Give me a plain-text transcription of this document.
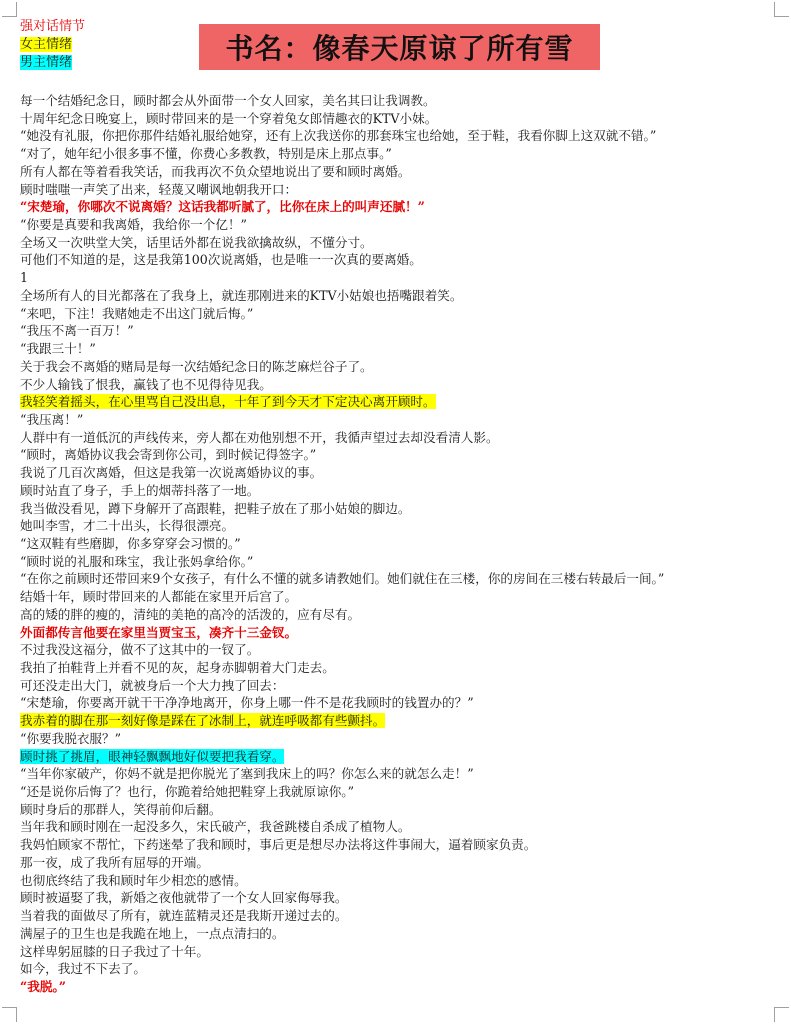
强对话情节
女主情绪
男主情绪	书名：像春天原谅了所有雪
每一个结婚纪念日，顾时都会从外面带一个女人回家，美名其曰让我调教。
十周年纪念日晚宴上，顾时带回来的是一个穿着兔女郎情趣衣的KTV小妹。
“她没有礼服，你把你那件结婚礼服给她穿，还有上次我送你的那套珠宝也给她，至于鞋，我看你脚上这双就不错。”
“对了，她年纪小很多事不懂，你费心多教教，特别是床上那点事。”
所有人都在等着看我笑话，而我再次不负众望地说出了要和顾时离婚。
顾时嗤嗤一声笑了出来，轻蔑又嘲讽地朝我开口：
“宋楚瑜，你哪次不说离婚？这话我都听腻了，比你在床上的叫声还腻！”
“你要是真要和我离婚，我给你一个亿！”
全场又一次哄堂大笑，话里话外都在说我欲擒故纵，不懂分寸。
可他们不知道的是，这是我第100次说离婚，也是唯一一次真的要离婚。
1
全场所有人的目光都落在了我身上，就连那刚进来的KTV小姑娘也捂嘴跟着笑。
“来吧，下注！我赌她走不出这门就后悔。”
“我压不离一百万！”
“我跟三十！”
关于我会不离婚的赌局是每一次结婚纪念日的陈芝麻烂谷子了。
不少人输钱了恨我，赢钱了也不见得待见我。
我轻笑着摇头，在心里骂自己没出息，十年了到今天才下定决心离开顾时。
“我压离！”
人群中有一道低沉的声线传来，旁人都在劝他别想不开，我循声望过去却没看清人影。
“顾时，离婚协议我会寄到你公司，到时候记得签字。”
我说了几百次离婚，但这是我第一次说离婚协议的事。
顾时站直了身子，手上的烟蒂抖落了一地。
我当做没看见，蹲下身解开了高跟鞋，把鞋子放在了那小姑娘的脚边。
她叫李雪，才二十出头，长得很漂亮。
“这双鞋有些磨脚，你多穿穿会习惯的。”
“顾时说的礼服和珠宝，我让张妈拿给你。”
“在你之前顾时还带回来9个女孩子，有什么不懂的就多请教她们。她们就住在三楼，你的房间在三楼右转最后一间。”
结婚十年，顾时带回来的人都能在家里开后宫了。
高的矮的胖的瘦的，清纯的美艳的高冷的活泼的，应有尽有。
外面都传言他要在家里当贾宝玉，凑齐十三金钗。
不过我没这福分，做不了这其中的一钗了。
我拍了拍鞋背上并看不见的灰，起身赤脚朝着大门走去。
可还没走出大门，就被身后一个大力拽了回去：
“宋楚瑜，你要离开就干干净净地离开，你身上哪一件不是花我顾时的钱置办的？”
我赤着的脚在那一刻好像是踩在了冰制上，就连呼吸都有些颤抖。
“你要我脱衣服？”
顾时挑了挑眉，眼神轻飘飘地好似要把我看穿。
“当年你家破产，你妈不就是把你脱光了塞到我床上的吗？你怎么来的就怎么走！”
“还是说你后悔了？也行，你跪着给她把鞋穿上我就原谅你。”
顾时身后的那群人，笑得前仰后翻。
当年我和顾时刚在一起没多久，宋氏破产，我爸跳楼自杀成了植物人。
我妈怕顾家不帮忙，下药迷晕了我和顾时，事后更是想尽办法将这件事闹大，逼着顾家负责。
那一夜，成了我所有屈辱的开端。
也彻底终结了我和顾时年少相恋的感情。
顾时被逼娶了我，新婚之夜他就带了一个女人回家侮辱我。
当着我的面做尽了所有，就连蓝精灵还是我斯开递过去的。
满屋子的卫生也是我跪在地上，一点点清扫的。
这样卑躬屈膝的日子我过了十年。
如今，我过不下去了。
“我脱。”
